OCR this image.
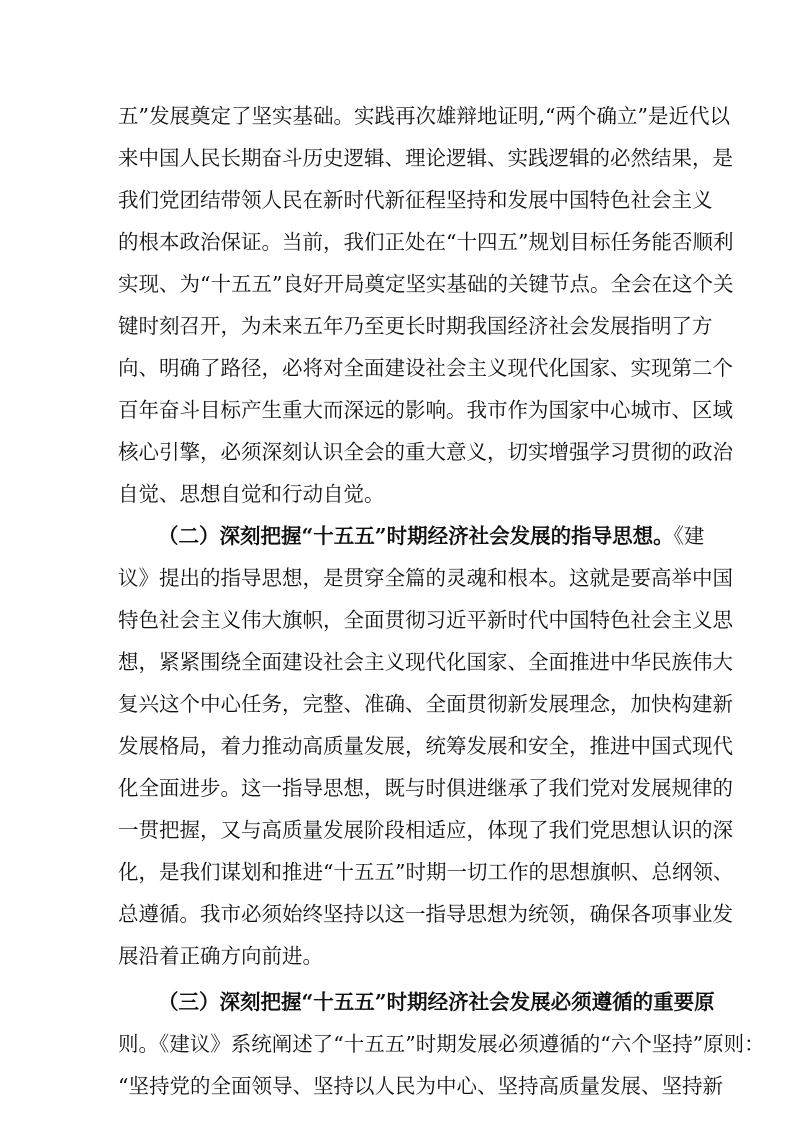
五”发展奠定了坚实基础。实践再次雄辩地证明,“两个确立”是近代以
来中国人民长期奋斗历史逻辑、理论逻辑、实践逻辑的必然结果，是
我们党团结带领人民在新时代新征程坚持和发展中国特色社会主义
的根本政治保证。当前，我们正处在“十四五”规划目标任务能否顺利
实现、为“十五五”良好开局奠定坚实基础的关键节点。全会在这个关
键时刻召开，为未来五年乃至更长时期我国经济社会发展指明了方
向、明确了路径，必将对全面建设社会主义现代化国家、实现第二个
百年奋斗目标产生重大而深远的影响。我市作为国家中心城市、区域
核心引擎，必须深刻认识全会的重大意义，切实增强学习贯彻的政治
自觉、思想自觉和行动自觉。
（二）深刻把握“十五五”时期经济社会发展的指导思想。《建
议》提出的指导思想，是贯穿全篇的灵魂和根本。这就是要高举中国
特色社会主义伟大旗帜，全面贯彻习近平新时代中国特色社会主义思
想，紧紧围绕全面建设社会主义现代化国家、全面推进中华民族伟大
复兴这个中心任务，完整、准确、全面贯彻新发展理念，加快构建新
发展格局，着力推动高质量发展，统筹发展和安全，推进中国式现代
化全面进步。这一指导思想，既与时俱进继承了我们党对发展规律的
一贯把握，又与高质量发展阶段相适应，体现了我们党思想认识的深
化，是我们谋划和推进“十五五”时期一切工作的思想旗帜、总纲领、
总遵循。我市必须始终坚持以这一指导思想为统领，确保各项事业发
展沿着正确方向前进。
（三）深刻把握“十五五”时期经济社会发展必须遵循的重要原
则。《建议》系统阐述了“十五五”时期发展必须遵循的“六个坚持”原则：
“坚持党的全面领导、坚持以人民为中心、坚持高质量发展、坚持新
